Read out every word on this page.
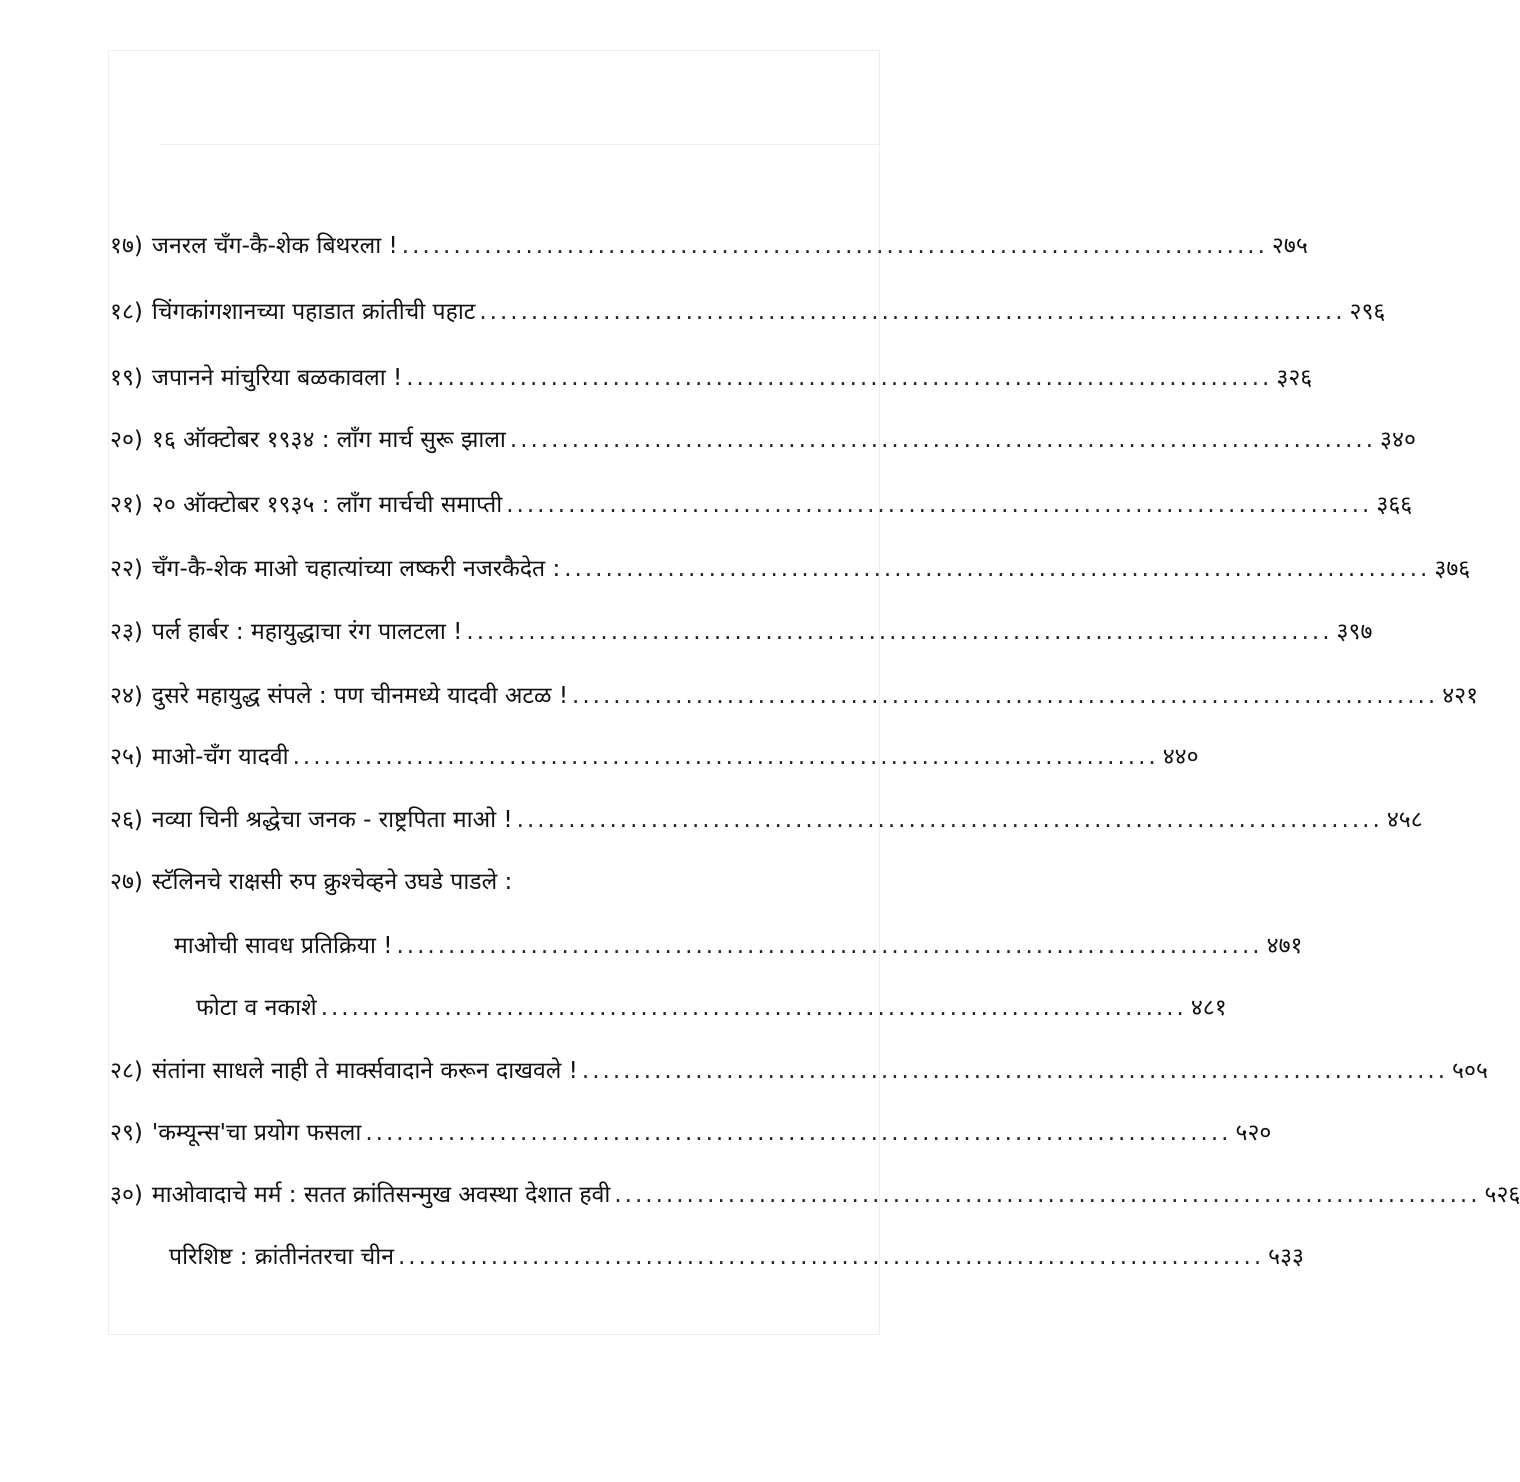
१७) जनरल चँग-कै-शेक बिथरला ! .................................................................................... २७५
१८) चिंगकांगशानच्या पहाडात क्रांतीची पहाट .................................................................................... २९६
१९) जपानने मांचुरिया बळकावला ! .................................................................................... ३२६
२०) १६ ऑक्टोबर १९३४ : लाँग मार्च सुरू झाला .................................................................................... ३४०
२१) २० ऑक्टोबर १९३५ : लाँग मार्चची समाप्ती .................................................................................... ३६६
२२) चँग-कै-शेक माओ चहात्यांच्या लष्करी नजरकैदेत : .................................................................................... ३७६
२३) पर्ल हार्बर : महायुद्धाचा रंग पालटला ! .................................................................................... ३९७
२४) दुसरे महायुद्ध संपले : पण चीनमध्ये यादवी अटळ ! .................................................................................... ४२१
२५) माओ-चँग यादवी .................................................................................... ४४०
२६) नव्या चिनी श्रद्धेचा जनक - राष्ट्रपिता माओ ! .................................................................................... ४५८
२७) स्टॅलिनचे राक्षसी रुप क्रुश्चेव्हने उघडे पाडले :
माओची सावध प्रतिक्रिया ! .................................................................................... ४७१
फोटा व नकाशे .................................................................................... ४८१
२८) संतांना साधले नाही ते मार्क्सवादाने करून दाखवले ! .................................................................................... ५०५
२९) 'कम्यून्स'चा प्रयोग फसला .................................................................................... ५२०
३०) माओवादाचे मर्म : सतत क्रांतिसन्मुख अवस्था देशात हवी .................................................................................... ५२६
परिशिष्ट : क्रांतीनंतरचा चीन .................................................................................... ५३३
